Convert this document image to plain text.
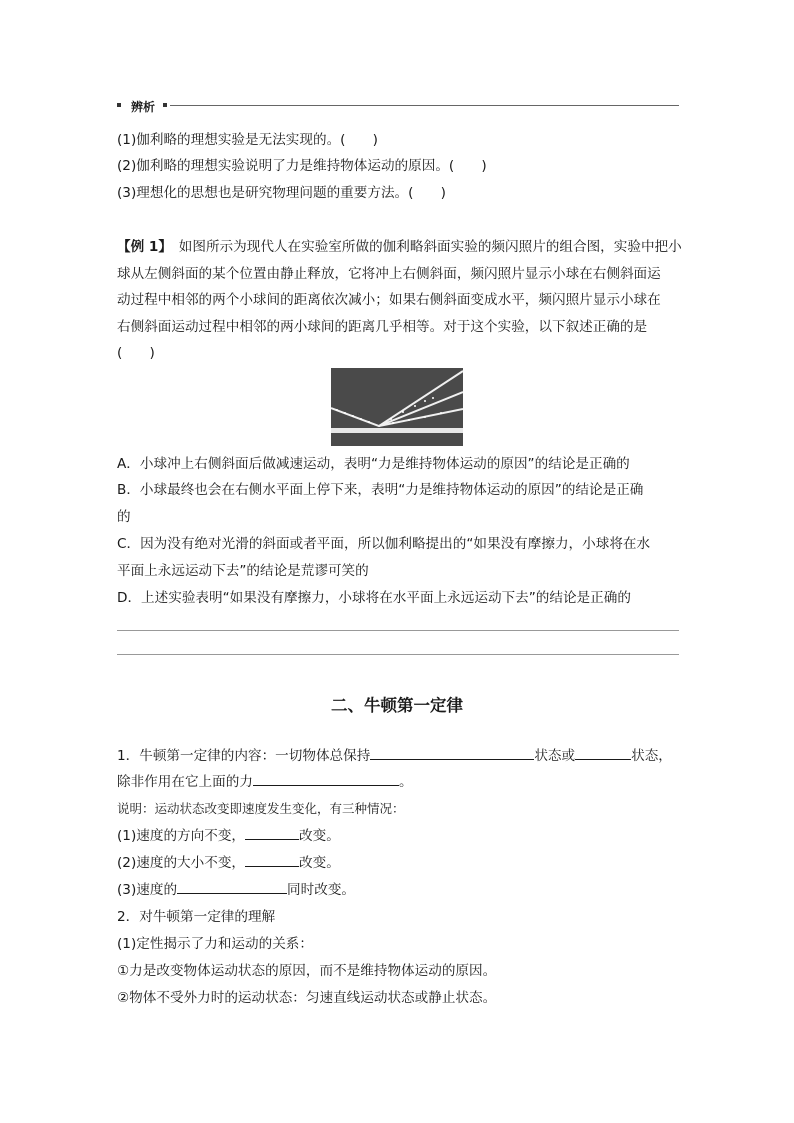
辨析
(1)伽利略的理想实验是无法实现的。(　　)
(2)伽利略的理想实验说明了力是维持物体运动的原因。(　　)
(3)理想化的思想也是研究物理问题的重要方法。(　　)
【例 1】　如图所示为现代人在实验室所做的伽利略斜面实验的频闪照片的组合图，实验中把小
球从左侧斜面的某个位置由静止释放，它将冲上右侧斜面，频闪照片显示小球在右侧斜面运
动过程中相邻的两个小球间的距离依次减小；如果右侧斜面变成水平，频闪照片显示小球在
右侧斜面运动过程中相邻的两小球间的距离几乎相等。对于这个实验，以下叙述正确的是
(　　)
A．小球冲上右侧斜面后做减速运动，表明“力是维持物体运动的原因”的结论是正确的
B．小球最终也会在右侧水平面上停下来，表明“力是维持物体运动的原因”的结论是正确
的
C．因为没有绝对光滑的斜面或者平面，所以伽利略提出的“如果没有摩擦力，小球将在水
平面上永远运动下去”的结论是荒谬可笑的
D．上述实验表明“如果没有摩擦力，小球将在水平面上永远运动下去”的结论是正确的
二、牛顿第一定律
1．牛顿第一定律的内容：一切物体总保持	状态或	状态，
除非作用在它上面的力	。
说明：运动状态改变即速度发生变化，有三种情况：
(1)速度的方向不变，	改变。
(2)速度的大小不变，	改变。
(3)速度的	同时改变。
2．对牛顿第一定律的理解
(1)定性揭示了力和运动的关系：
①力是改变物体运动状态的原因，而不是维持物体运动的原因。
②物体不受外力时的运动状态：匀速直线运动状态或静止状态。
